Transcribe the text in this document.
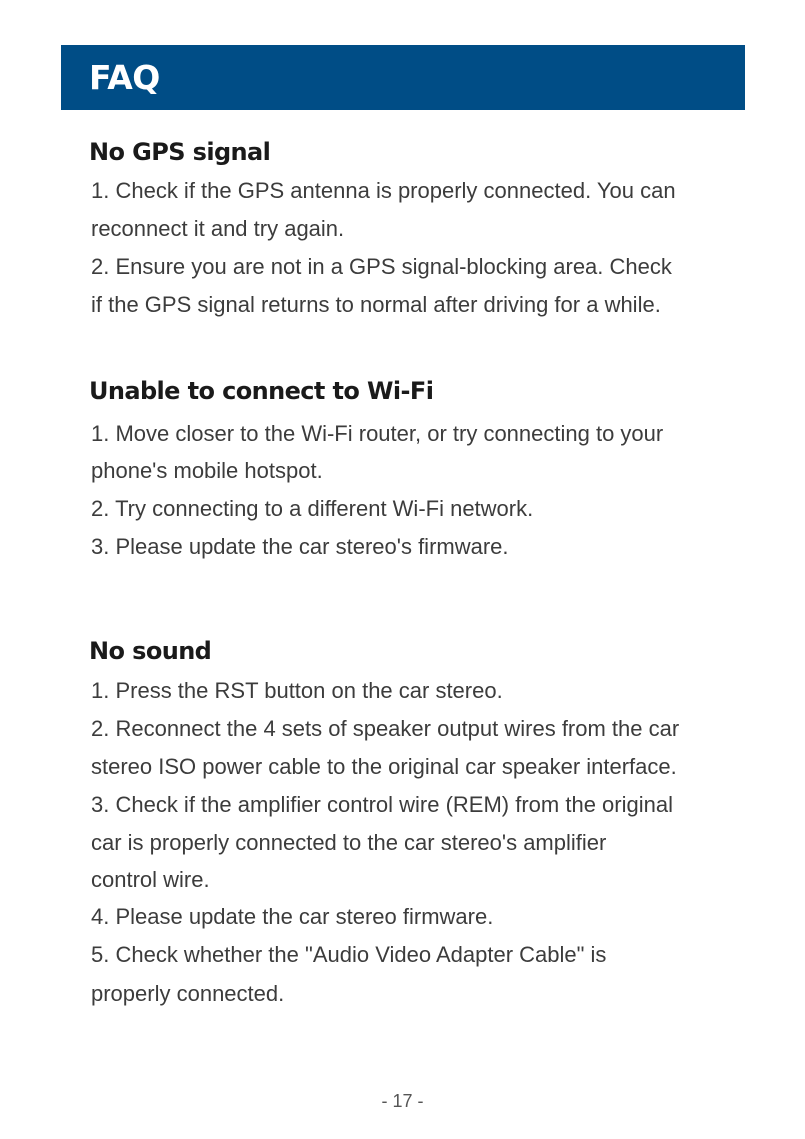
FAQ
No GPS signal

1. Check if the GPS antenna is properly connected. You can

reconnect it and try again.

2. Ensure you are not in a GPS signal-blocking area. Check

if the GPS signal returns to normal after driving for a while.

Unable to connect to Wi-Fi

1. Move closer to the Wi-Fi router, or try connecting to your

phone's mobile hotspot.

2. Try connecting to a different Wi-Fi network.

3. Please update the car stereo's firmware.

No sound

1. Press the RST button on the car stereo.

2. Reconnect the 4 sets of speaker output wires from the car

stereo ISO power cable to the original car speaker interface.

3. Check if the amplifier control wire (REM) from the original

car is properly connected to the car stereo's amplifier

control wire.

4. Please update the car stereo firmware.

5. Check whether the "Audio Video Adapter Cable" is

properly connected.

- 17 -
